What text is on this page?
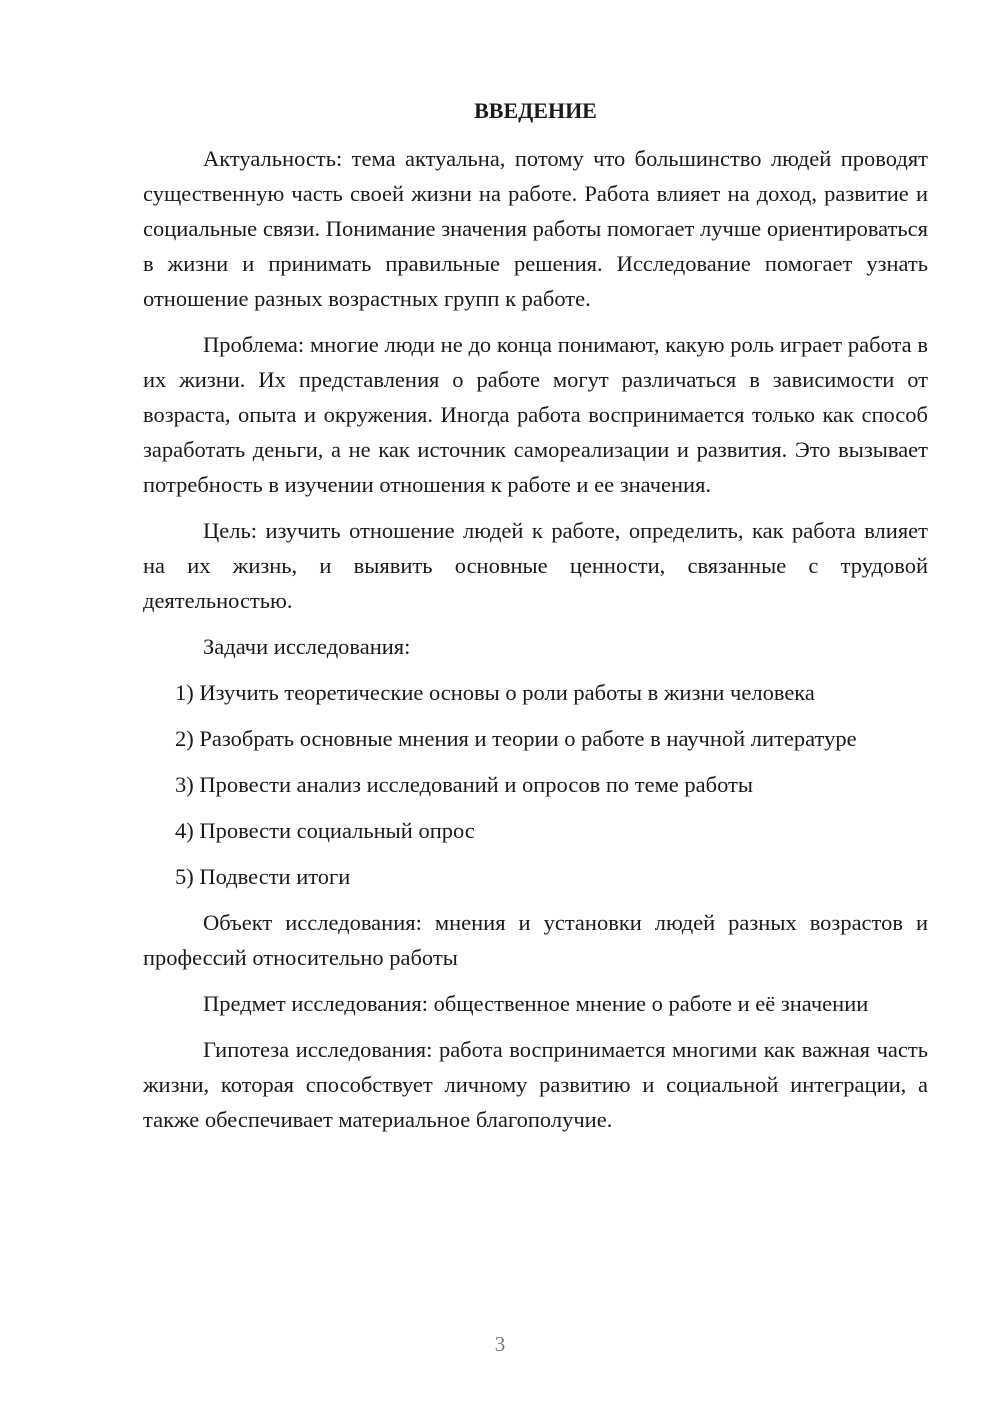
ВВЕДЕНИЕ

Актуальность: тема актуальна, потому что большинство людей проводят существенную часть своей жизни на работе. Работа влияет на доход, развитие и социальные связи. Понимание значения работы помогает лучше ориентироваться в жизни и принимать правильные решения. Исследование помогает узнать отношение разных возрастных групп к работе.

Проблема: многие люди не до конца понимают, какую роль играет работа в их жизни. Их представления о работе могут различаться в зависимости от возраста, опыта и окружения. Иногда работа воспринимается только как способ заработать деньги, а не как источник самореализации и развития. Это вызывает потребность в изучении отношения к работе и ее значения.

Цель: изучить отношение людей к работе, определить, как работа влияет на их жизнь, и выявить основные ценности, связанные с трудовой деятельностью.

Задачи исследования:

1) Изучить теоретические основы о роли работы в жизни человека

2) Разобрать основные мнения и теории о работе в научной литературе

3) Провести анализ исследований и опросов по теме работы

4) Провести социальный опрос

5) Подвести итоги

Объект исследования: мнения и установки людей разных возрастов и профессий относительно работы

Предмет исследования: общественное мнение о работе и её значении

Гипотеза исследования: работа воспринимается многими как важная часть жизни, которая способствует личному развитию и социальной интеграции, а также обеспечивает материальное благополучие.

3
